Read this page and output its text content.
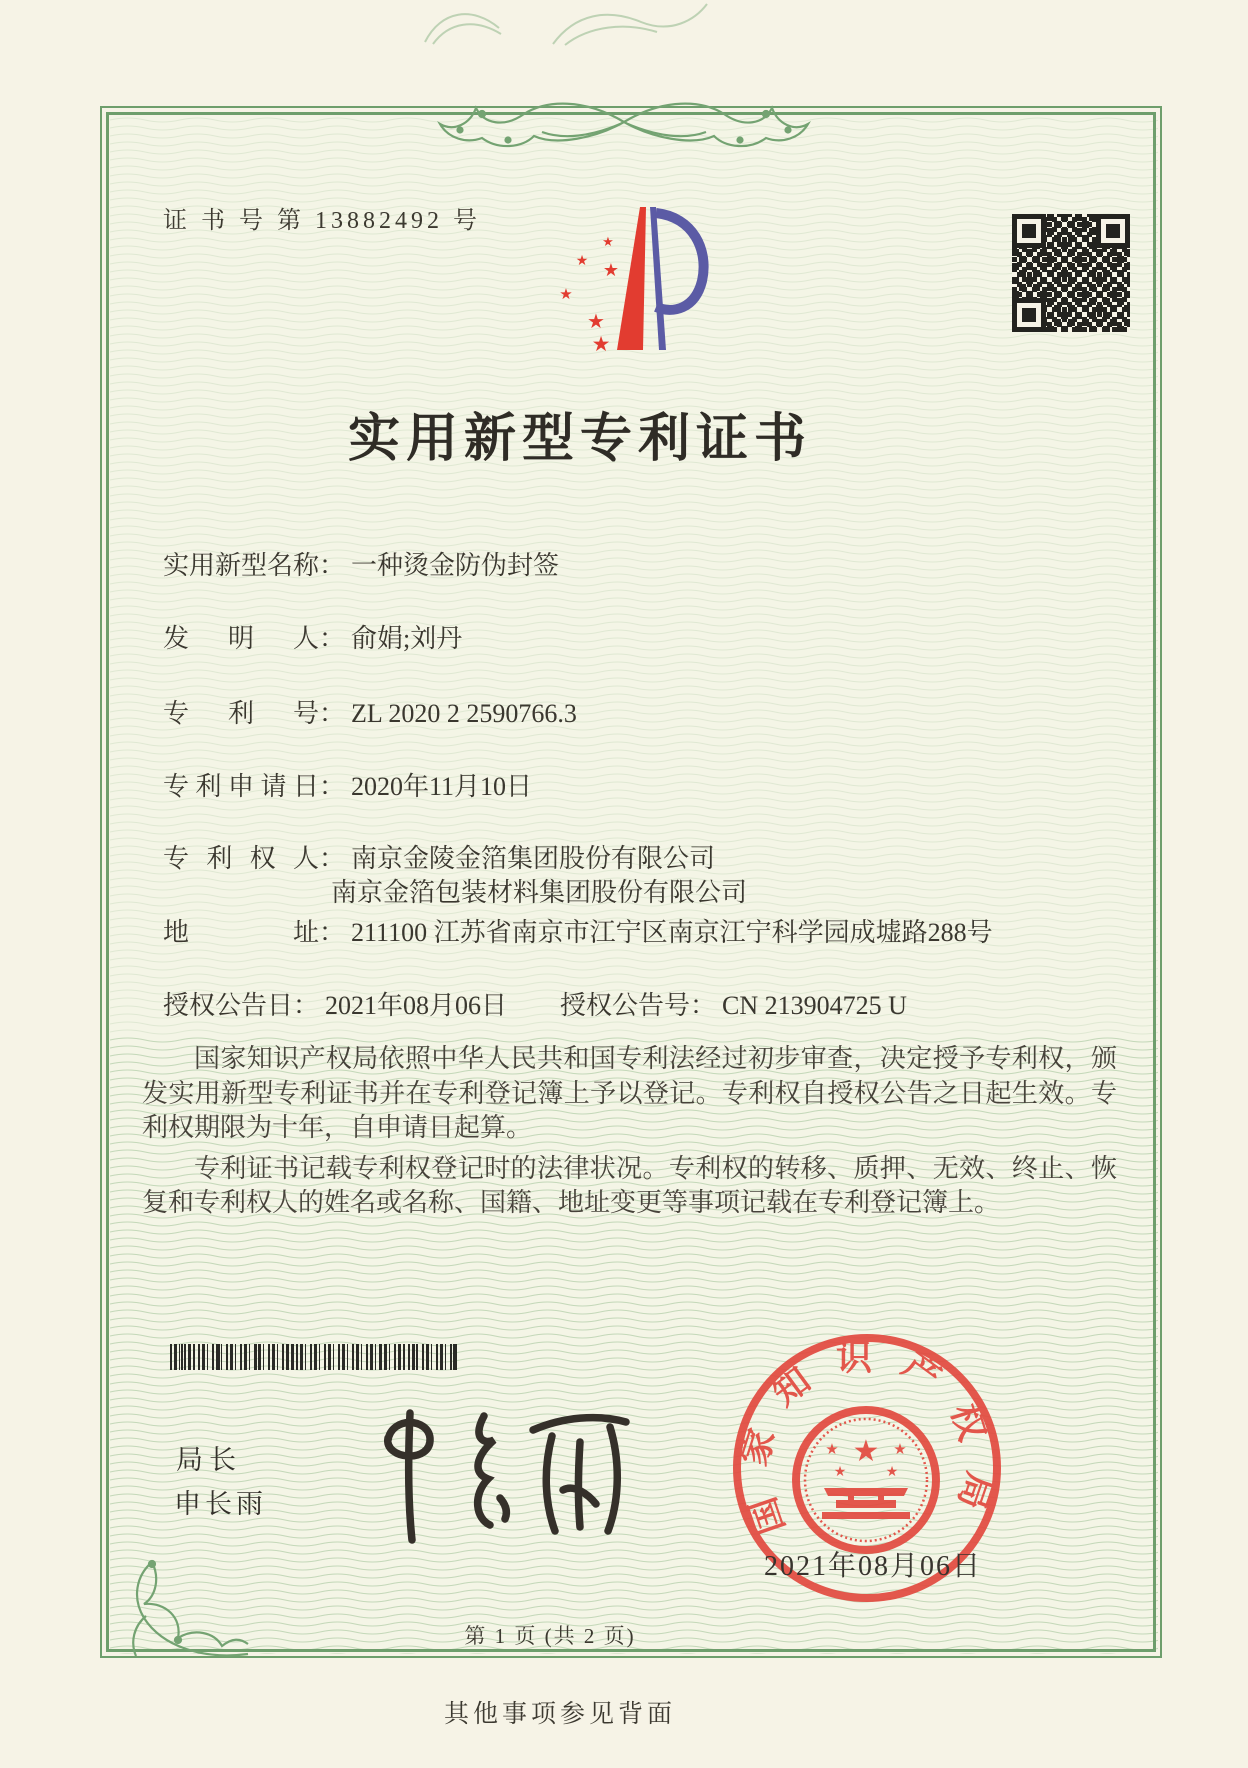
证 书 号 第 13882492 号
★
★ ★
★
★
★
实用新型专利证书
实用新型名称： 一种烫金防伪封签
发明人： 俞娟;刘丹
专利号： ZL 2020 2 2590766.3
专利申请日： 2020年11月10日
专利权人： 南京金陵金箔集团股份有限公司
南京金箔包装材料集团股份有限公司
地址： 211100 江苏省南京市江宁区南京江宁科学园成墟路288号
授权公告日： 2021年08月06日 授权公告号： CN 213904725 U

国家知识产权局依照中华人民共和国专利法经过初步审查，决定授予专利权，颁发实用新型专利证书并在专利登记簿上予以登记。专利权自授权公告之日起生效。专利权期限为十年，自申请日起算。

专利证书记载专利权登记时的法律状况。专利权的转移、质押、无效、终止、恢复和专利权人的姓名或名称、国籍、地址变更等事项记载在专利登记簿上。

局长
申长雨	国家知识产权局
★
★	★
★	★
2021年08月06日
第 1 页 (共 2 页)
其他事项参见背面
